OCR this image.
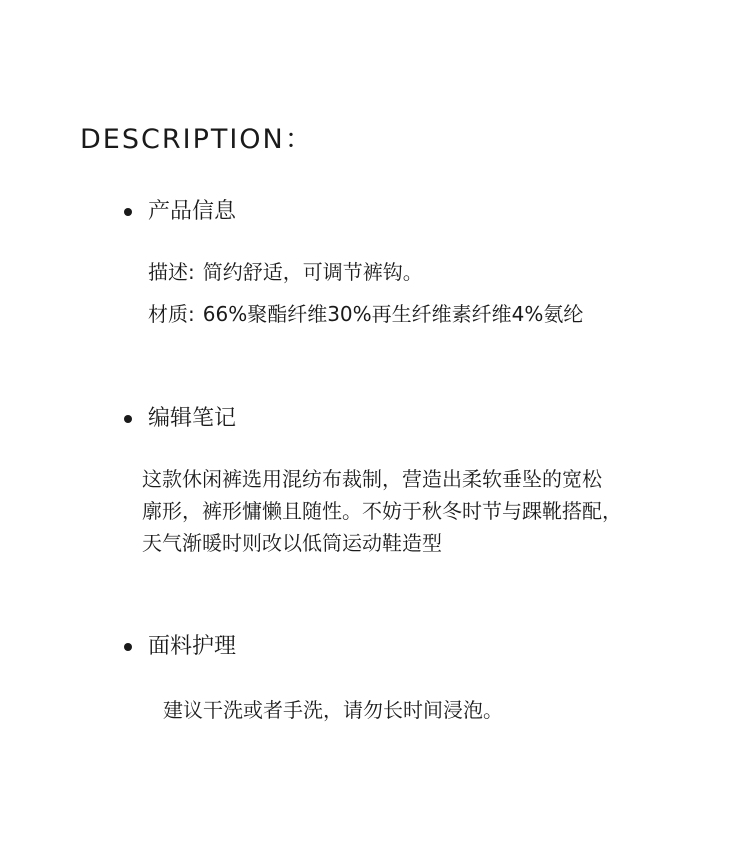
DESCRIPTION：
产品信息
描述: 简约舒适，可调节裤钩。
材质: 66%聚酯纤维30%再生纤维素纤维4%氨纶
编辑笔记
这款休闲裤选用混纺布裁制，营造出柔软垂坠的宽松
廓形，裤形慵懒且随性。不妨于秋冬时节与踝靴搭配，
天气渐暖时则改以低筒运动鞋造型
面料护理
建议干洗或者手洗，请勿长时间浸泡。
